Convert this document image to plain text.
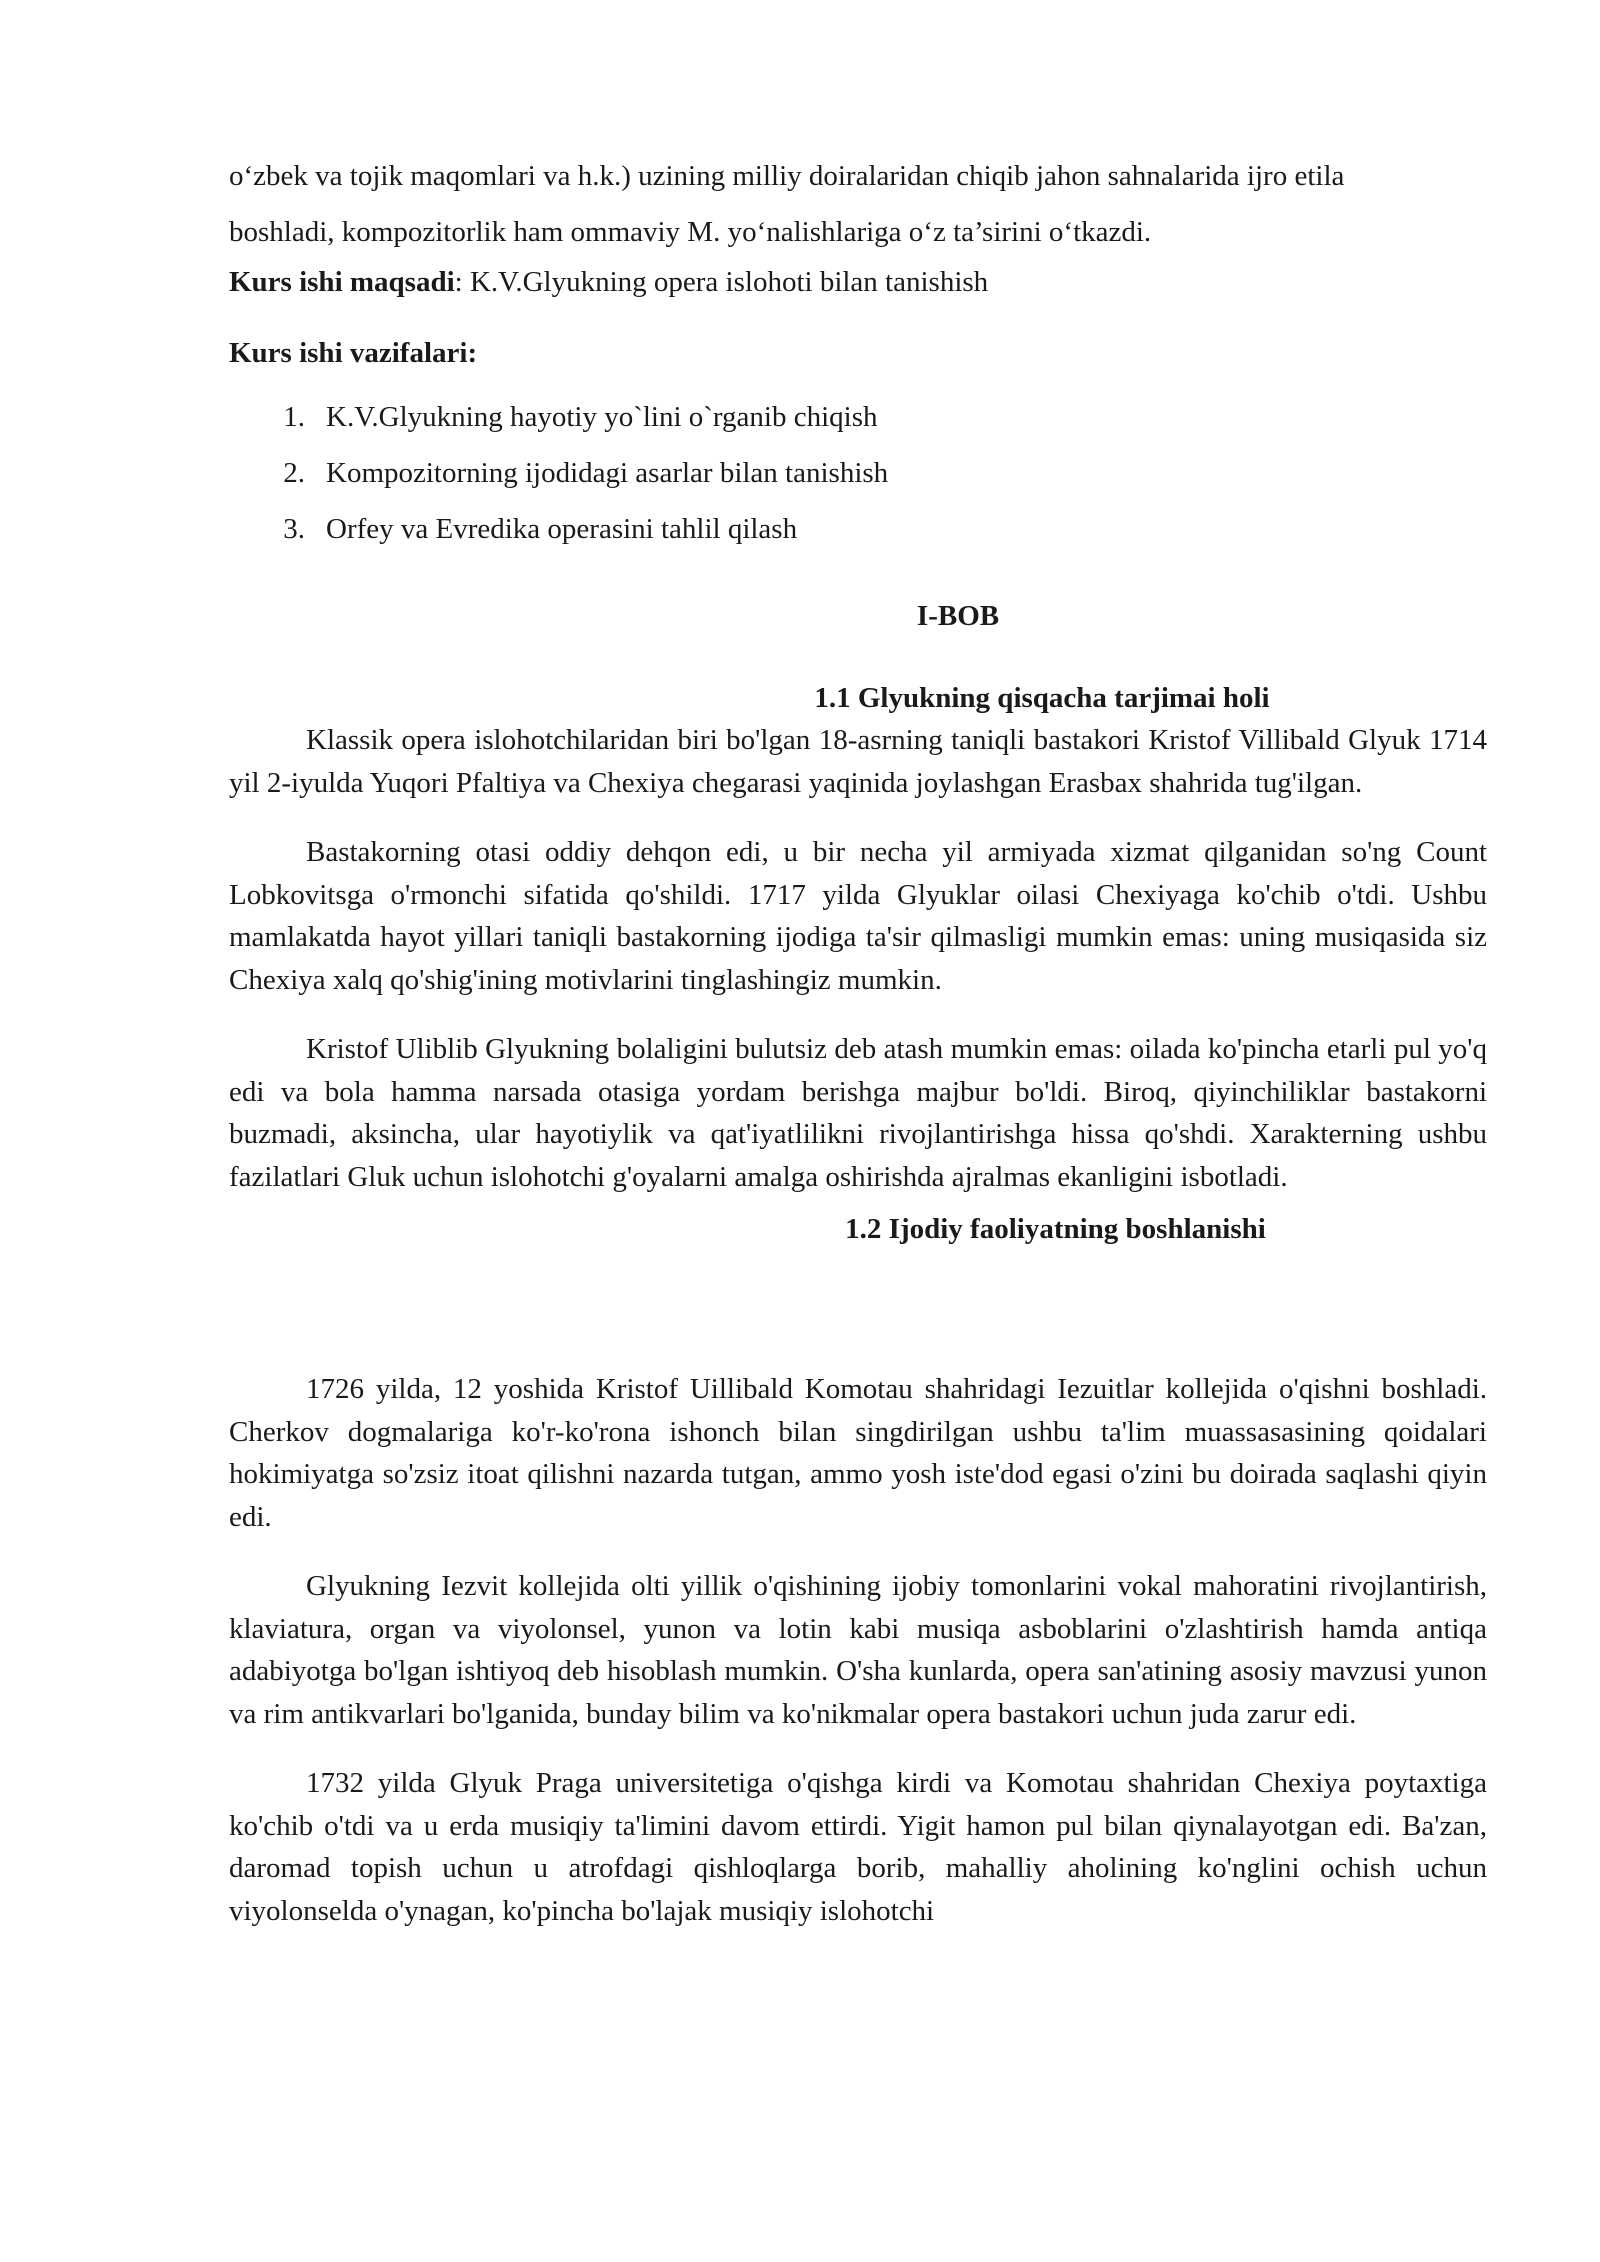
o‘zbek va tojik maqomlari va h.k.) uzining milliy doiralaridan chiqib jahon sahnalarida ijro etila

boshladi, kompozitorlik ham ommaviy M. yo‘nalishlariga o‘z ta’sirini o‘tkazdi.

Kurs ishi maqsadi: K.V.Glyukning opera islohoti bilan tanishish

Kurs ishi vazifalari:

1. K.V.Glyukning hayotiy yo`lini o`rganib chiqish
2. Kompozitorning ijodidagi asarlar bilan tanishish
3. Orfey va Evredika operasini tahlil qilash
I-BOB
1.1 Glyukning qisqacha tarjimai holi

Klassik opera islohotchilaridan biri bo'lgan 18-asrning taniqli bastakori Kristof Villibald Glyuk 1714 yil 2-iyulda Yuqori Pfaltiya va Chexiya chegarasi yaqinida joylashgan Erasbax shahrida tug'ilgan.

Bastakorning otasi oddiy dehqon edi, u bir necha yil armiyada xizmat qilganidan so'ng Count Lobkovitsga o'rmonchi sifatida qo'shildi. 1717 yilda Glyuklar oilasi Chexiyaga ko'chib o'tdi. Ushbu mamlakatda hayot yillari taniqli bastakorning ijodiga ta'sir qilmasligi mumkin emas: uning musiqasida siz Chexiya xalq qo'shig'ining motivlarini tinglashingiz mumkin.

Kristof Uliblib Glyukning bolaligini bulutsiz deb atash mumkin emas: oilada ko'pincha etarli pul yo'q edi va bola hamma narsada otasiga yordam berishga majbur bo'ldi. Biroq, qiyinchiliklar bastakorni buzmadi, aksincha, ular hayotiylik va qat'iyatlilikni rivojlantirishga hissa qo'shdi. Xarakterning ushbu fazilatlari Gluk uchun islohotchi g'oyalarni amalga oshirishda ajralmas ekanligini isbotladi.

1.2 Ijodiy faoliyatning boshlanishi

1726 yilda, 12 yoshida Kristof Uillibald Komotau shahridagi Iezuitlar kollejida o'qishni boshladi. Cherkov dogmalariga ko'r-ko'rona ishonch bilan singdirilgan ushbu ta'lim muassasasining qoidalari hokimiyatga so'zsiz itoat qilishni nazarda tutgan, ammo yosh iste'dod egasi o'zini bu doirada saqlashi qiyin edi.

Glyukning Iezvit kollejida olti yillik o'qishining ijobiy tomonlarini vokal mahoratini rivojlantirish, klaviatura, organ va viyolonsel, yunon va lotin kabi musiqa asboblarini o'zlashtirish hamda antiqa adabiyotga bo'lgan ishtiyoq deb hisoblash mumkin. O'sha kunlarda, opera san'atining asosiy mavzusi yunon va rim antikvarlari bo'lganida, bunday bilim va ko'nikmalar opera bastakori uchun juda zarur edi.

1732 yilda Glyuk Praga universitetiga o'qishga kirdi va Komotau shahridan Chexiya poytaxtiga ko'chib o'tdi va u erda musiqiy ta'limini davom ettirdi. Yigit hamon pul bilan qiynalayotgan edi. Ba'zan, daromad topish uchun u atrofdagi qishloqlarga borib, mahalliy aholining ko'nglini ochish uchun viyolonselda o'ynagan, ko'pincha bo'lajak musiqiy islohotchi
